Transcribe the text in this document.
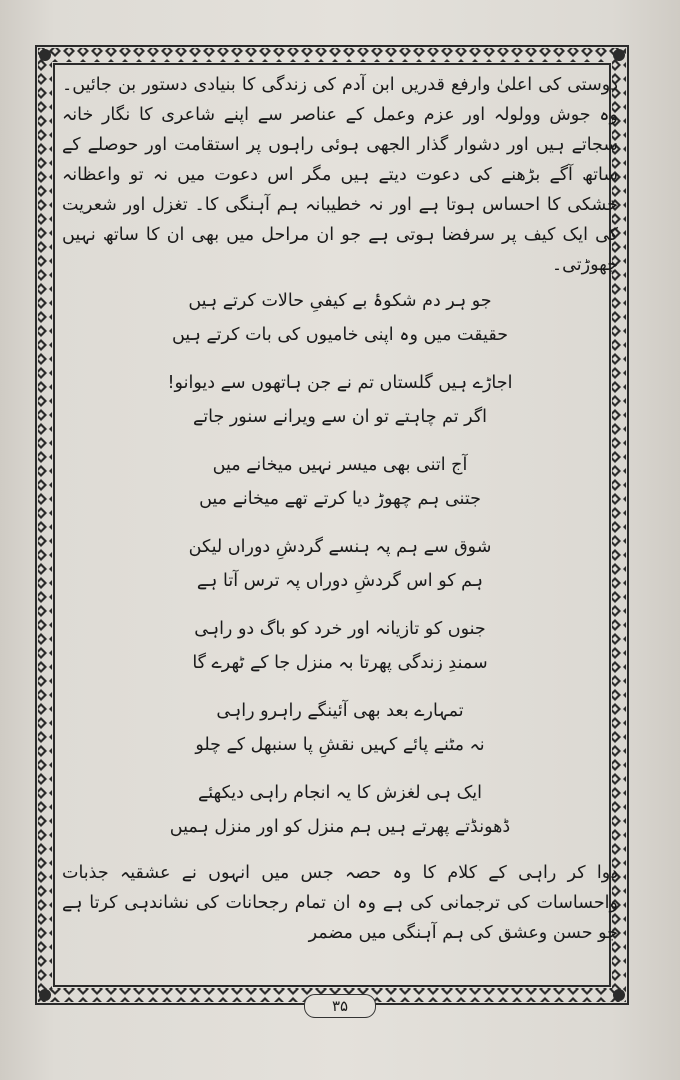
دوستی کی اعلیٰ وارفع قدریں ابن آدم کی زندگی کا بنیادی دستور بن جائیں۔ وہ جوش وولولہ اور عزم وعمل کے عناصر سے اپنے شاعری کا نگار خانہ سجاتے ہیں اور دشوار گذار الجھی ہوئی راہوں پر استقامت اور حوصلے کے ساتھ آگے بڑھنے کی دعوت دیتے ہیں مگر اس دعوت میں نہ تو واعظانہ خشکی کا احساس ہوتا ہے اور نہ خطیبانہ ہم آہنگی کا۔ تغزل اور شعریت کی ایک کیف پر سرفضا ہوتی ہے جو ان مراحل میں بھی ان کا ساتھ نہیں چھوڑتی۔

جو ہر دم شکوۂ بے کیفیِ حالات کرتے ہیں
حقیقت میں وہ اپنی خامیوں کی بات کرتے ہیں
اجاڑے ہیں گلستاں تم نے جن ہاتھوں سے دیوانو!
اگر تم چاہتے تو ان سے ویرانے سنور جاتے
آج اتنی بھی میسر نہیں میخانے میں
جتنی ہم چھوڑ دیا کرتے تھے میخانے میں
شوق سے ہم پہ ہنسے گردشِ دوراں لیکن
ہم کو اس گردشِ دوراں پہ ترس آتا ہے
جنوں کو تازیانہ اور خرد کو باگ دو راہی
سمندِ زندگی پھرتا بہ منزل جا کے ٹھرے گا
تمہارے بعد بھی آئینگے راہرو راہی
نہ مٹنے پائے کہیں نقشِ پا سنبھل کے چلو
ایک ہی لغزش کا یہ انجام راہی دیکھئے
ڈھونڈتے پھرتے ہیں ہم منزل کو اور منزل ہمیں

دوا کر راہی کے کلام کا وہ حصہ جس میں انہوں نے عشقیہ جذبات واحساسات کی ترجمانی کی ہے وہ ان تمام رجحانات کی نشاندہی کرتا ہے جو حسن وعشق کی ہم آہنگی میں مضمر

۳۵
